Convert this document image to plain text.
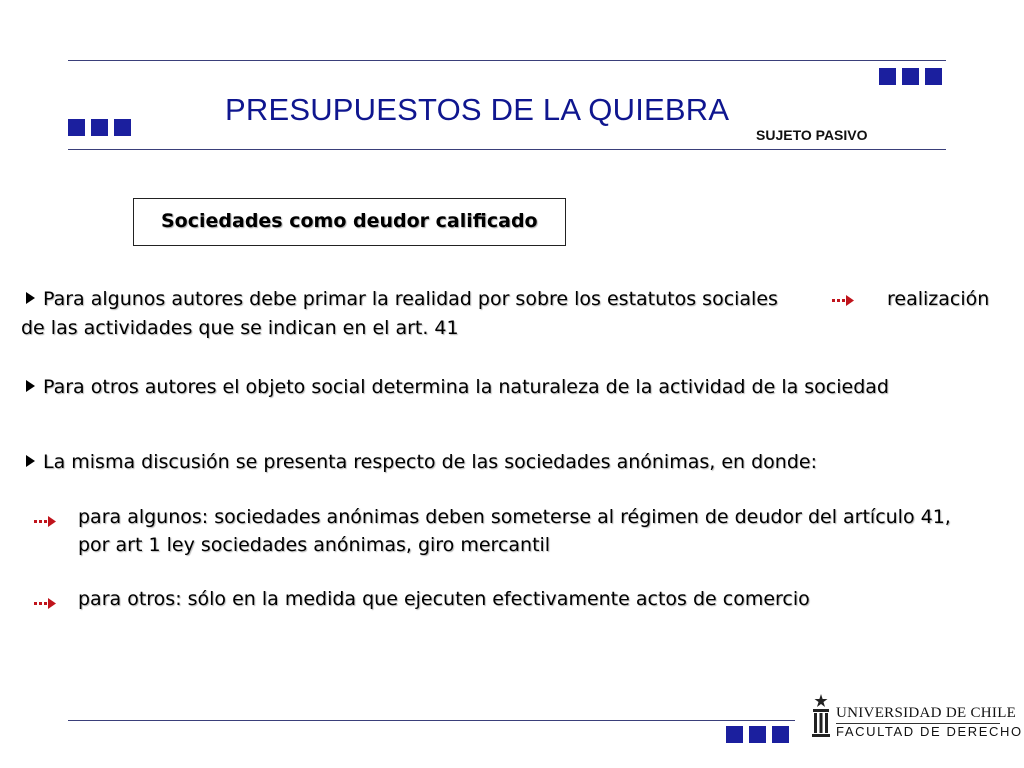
PRESUPUESTOS DE LA QUIEBRA
SUJETO PASIVO
Sociedades como deudor calificado
Para algunos autores debe primar la realidad por sobre los estatutos sociales	realización
de las actividades que se indican en el art. 41
Para otros autores el objeto social determina la naturaleza de la actividad de la sociedad
La misma discusión se presenta respecto de las sociedades anónimas, en donde:
para algunos: sociedades anónimas deben someterse al régimen de deudor del artículo 41,
por art 1 ley sociedades anónimas, giro mercantil
para otros: sólo en la medida que ejecuten efectivamente actos de comercio
UNIVERSIDAD DE CHILE
FACULTAD DE DERECHO
